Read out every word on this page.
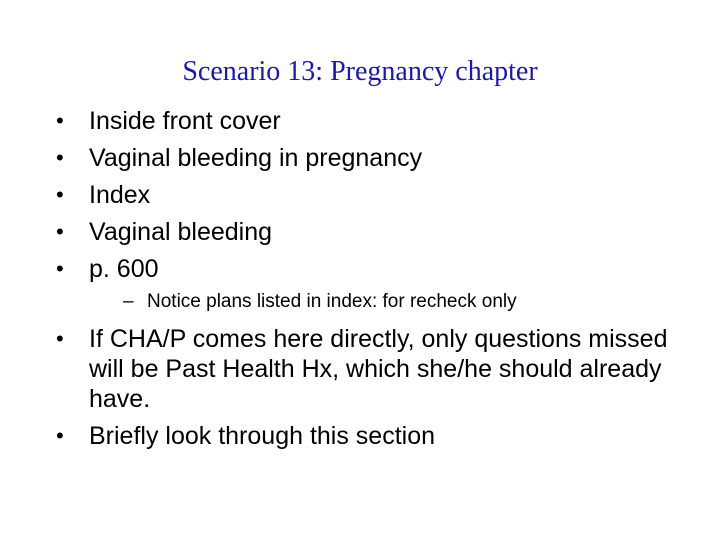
Scenario 13: Pregnancy chapter
• Inside front cover
• Vaginal bleeding in pregnancy
• Index
• Vaginal bleeding
• p. 600
– Notice plans listed in index: for recheck only
• If CHA/P comes here directly, only questions missed will be Past Health Hx, which she/he should already have.
• Briefly look through this section
